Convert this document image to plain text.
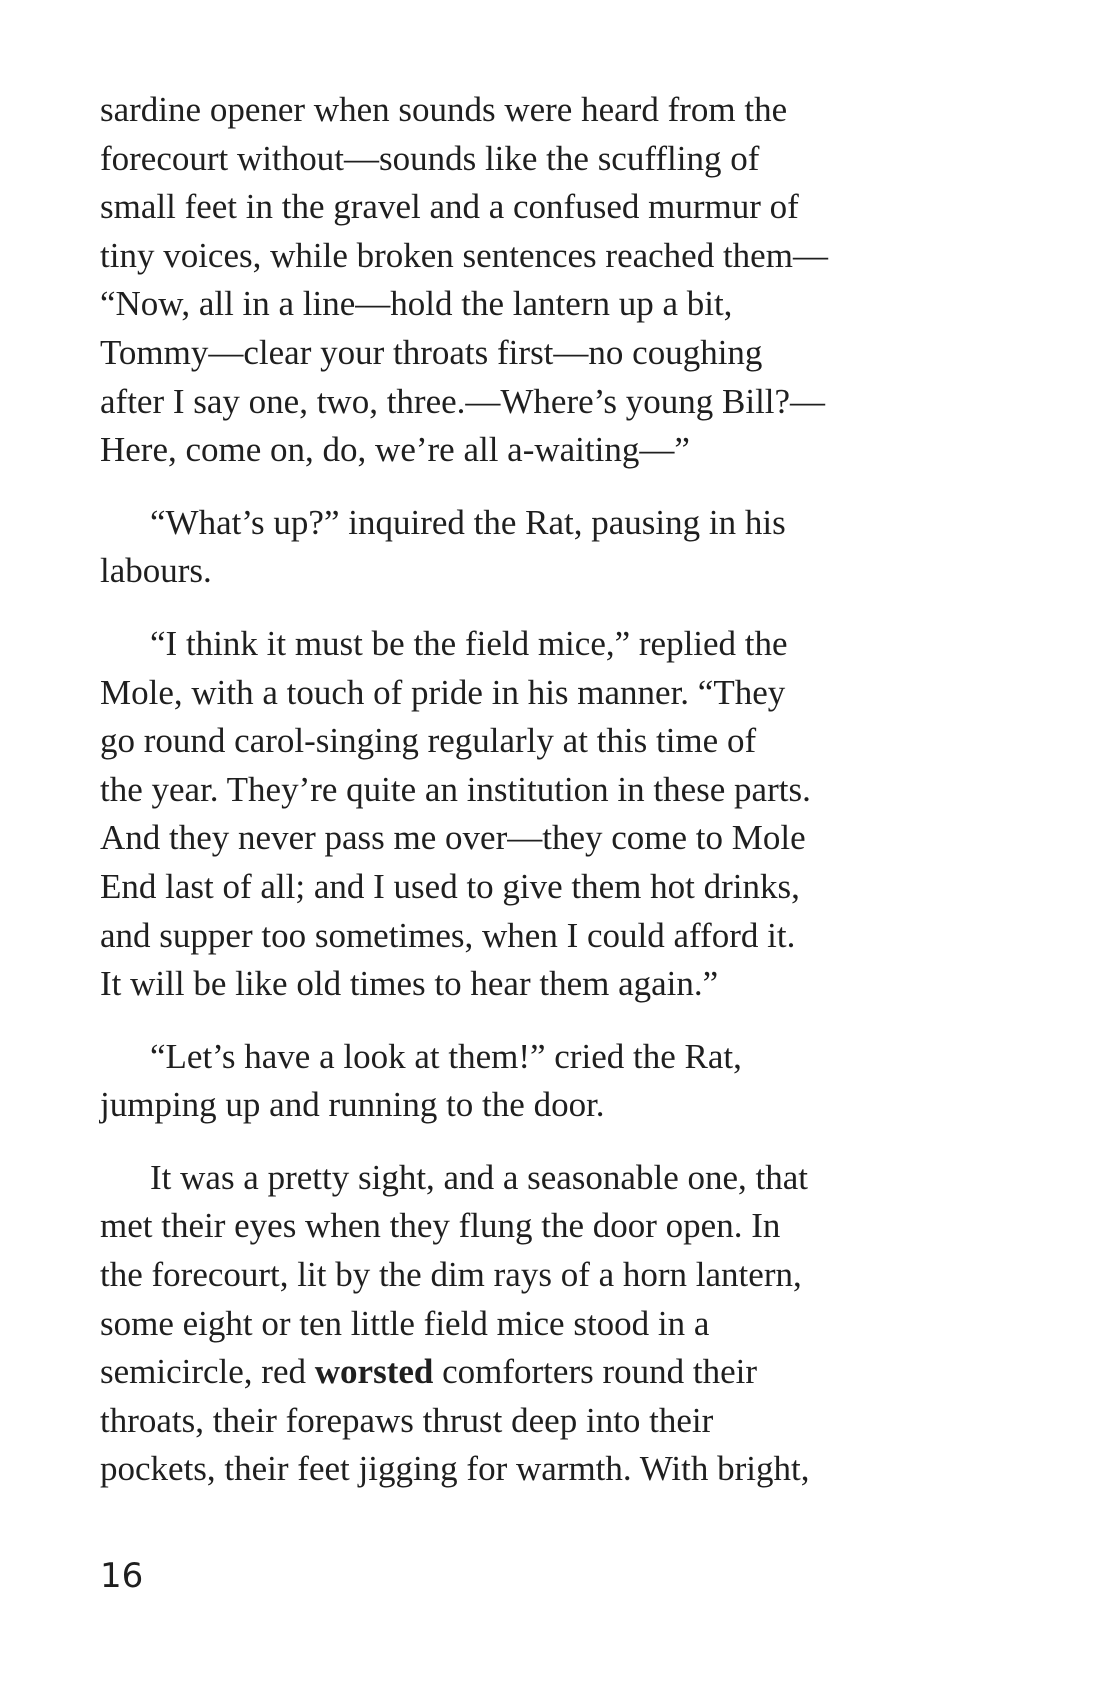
sardine opener when sounds were heard from the
forecourt without—sounds like the scuffling of
small feet in the gravel and a confused murmur of
tiny voices, while broken sentences reached them—
“Now, all in a line—hold the lantern up a bit,
Tommy—clear your throats first—no coughing
after I say one, two, three.—Where’s young Bill?—
Here, come on, do, we’re all a-waiting—”
“What’s up?” inquired the Rat, pausing in his
labours.
“I think it must be the field mice,” replied the
Mole, with a touch of pride in his manner. “They
go round carol-singing regularly at this time of
the year. They’re quite an institution in these parts.
And they never pass me over—they come to Mole
End last of all; and I used to give them hot drinks,
and supper too sometimes, when I could afford it.
It will be like old times to hear them again.”
“Let’s have a look at them!” cried the Rat,
jumping up and running to the door.
It was a pretty sight, and a seasonable one, that
met their eyes when they flung the door open. In
the forecourt, lit by the dim rays of a horn lantern,
some eight or ten little field mice stood in a
semicircle, red worsted comforters round their
throats, their forepaws thrust deep into their
pockets, their feet jigging for warmth. With bright,
16
